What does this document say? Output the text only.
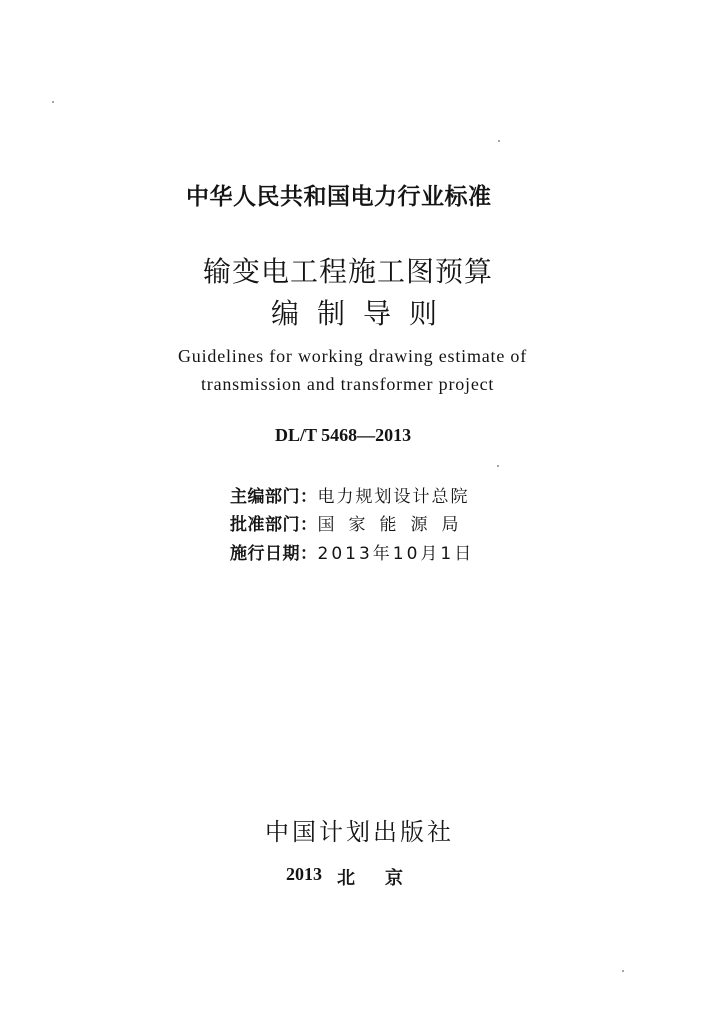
中华人民共和国电力行业标准
输变电工程施工图预算
编制导则
Guidelines for working drawing estimate of
transmission and transformer project
DL/T 5468—2013
主编部门：电力规划设计总院
批准部门：国家能源局
施行日期：2013年10月1日
中国计划出版社
2013 北京
